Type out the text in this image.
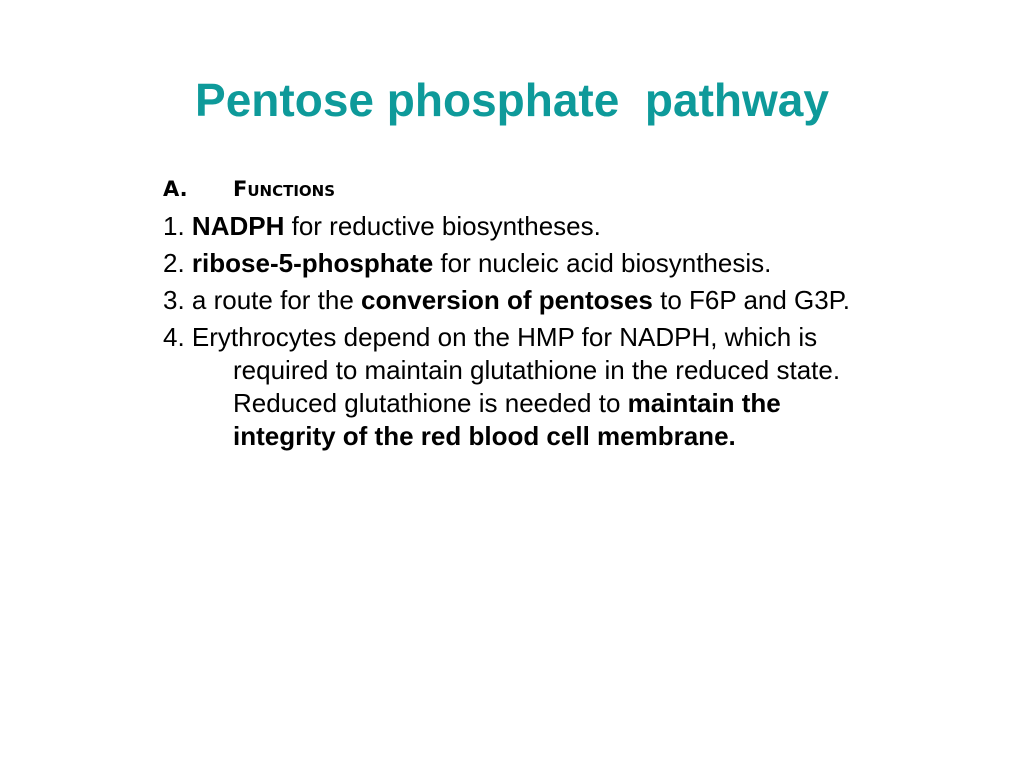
Pentose phosphate  pathway
A.	Functions
1. NADPH for reductive biosyntheses.
2. ribose-5-phosphate for nucleic acid biosynthesis.
3. a route for the conversion of pentoses to F6P and G3P.
4. Erythrocytes depend on the HMP for NADPH, which is required to maintain glutathione in the reduced state. Reduced glutathione is needed to maintain the integrity of the red blood cell membrane.
